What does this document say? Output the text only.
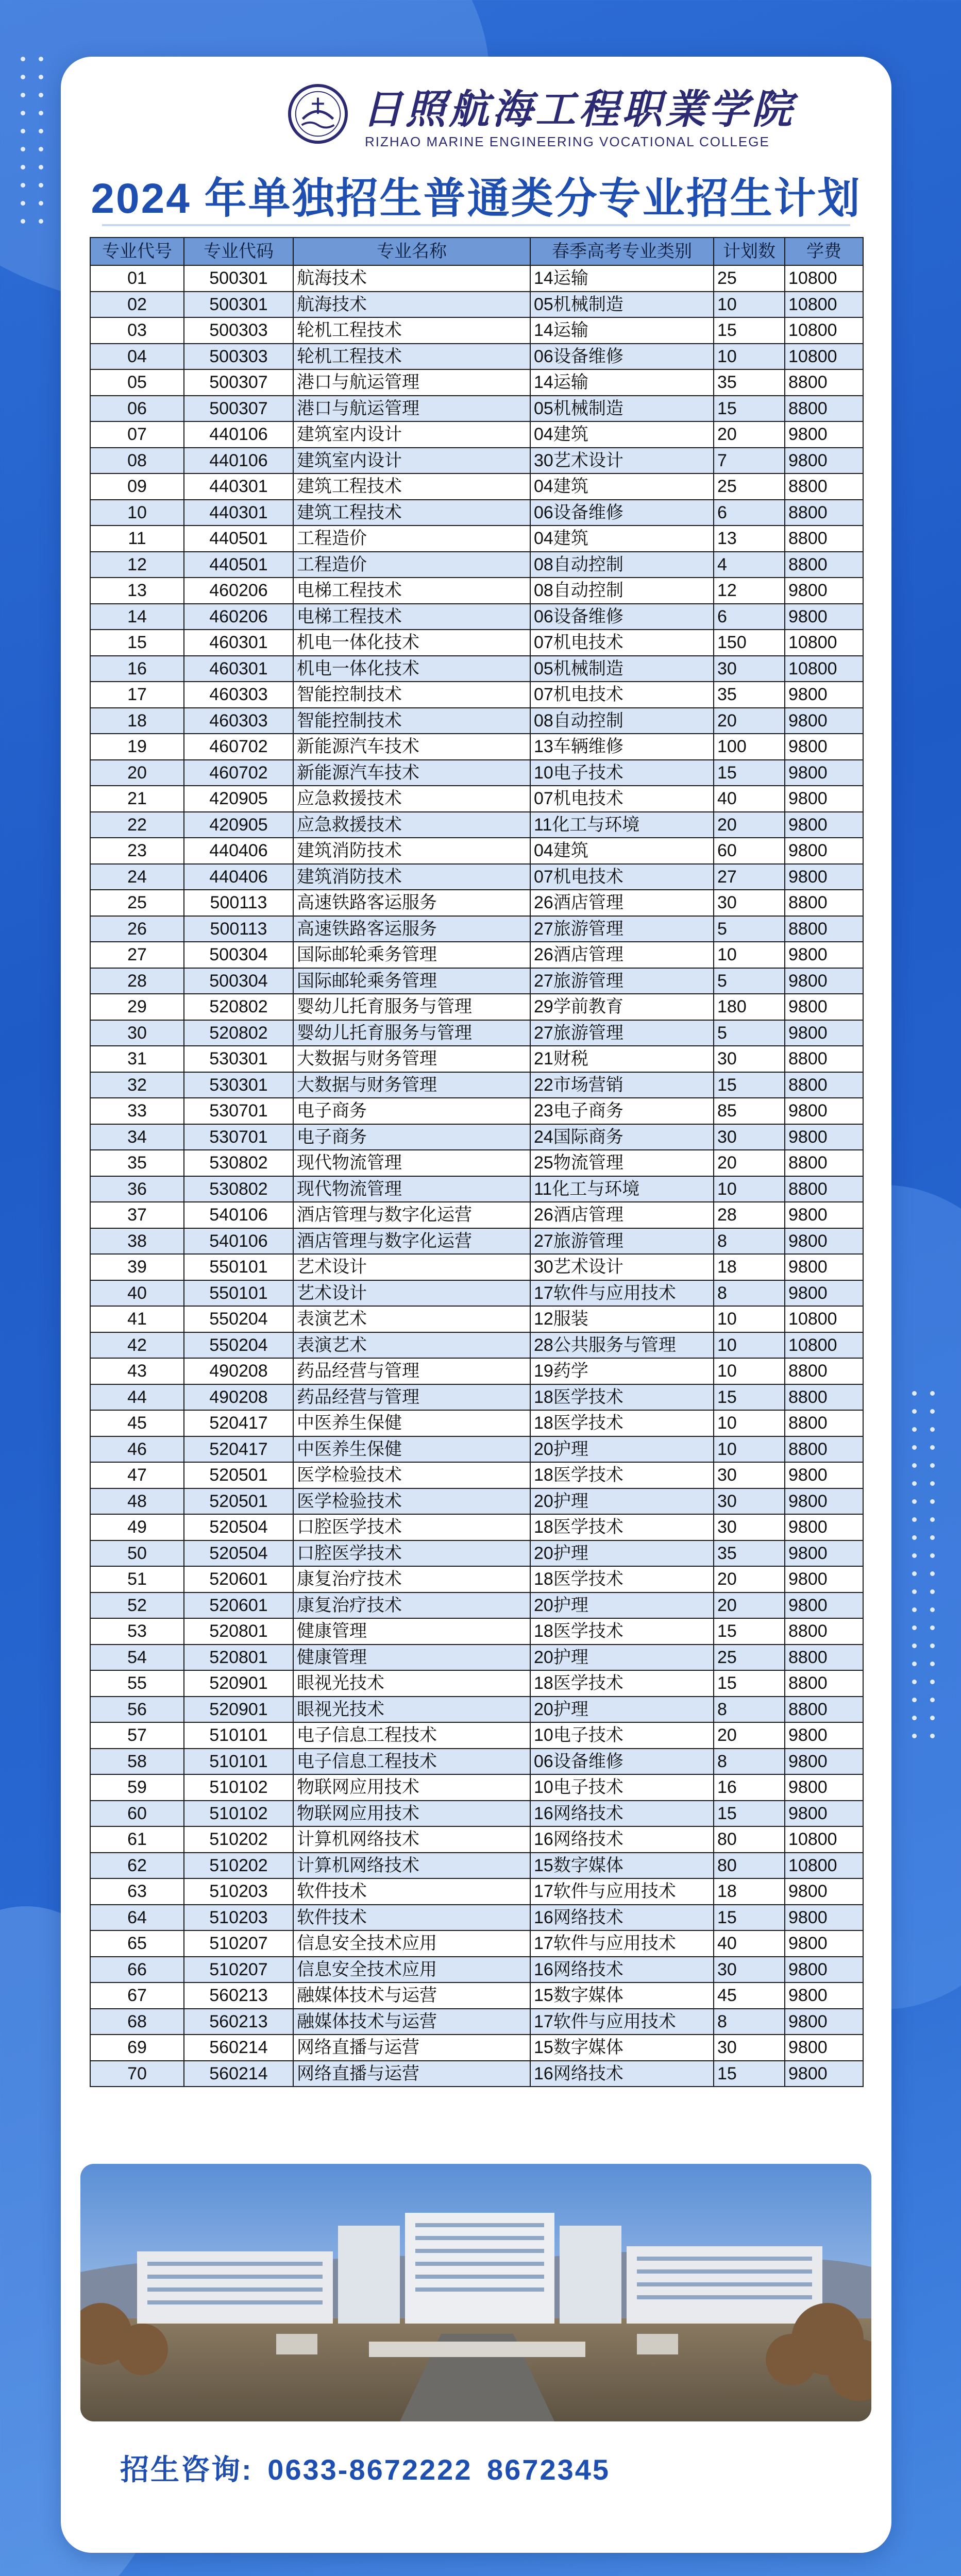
日照航海工程职業学院
RIZHAO MARINE ENGINEERING VOCATIONAL COLLEGE
2024 年单独招生普通类分专业招生计划
专业代号	专业代码	专业名称	春季高考专业类别	计划数	学费
01	500301	航海技术	14运输	25	10800
02	500301	航海技术	05机械制造	10	10800
03	500303	轮机工程技术	14运输	15	10800
04	500303	轮机工程技术	06设备维修	10	10800
05	500307	港口与航运管理	14运输	35	8800
06	500307	港口与航运管理	05机械制造	15	8800
07	440106	建筑室内设计	04建筑	20	9800
08	440106	建筑室内设计	30艺术设计	7	9800
09	440301	建筑工程技术	04建筑	25	8800
10	440301	建筑工程技术	06设备维修	6	8800
11	440501	工程造价	04建筑	13	8800
12	440501	工程造价	08自动控制	4	8800
13	460206	电梯工程技术	08自动控制	12	9800
14	460206	电梯工程技术	06设备维修	6	9800
15	460301	机电一体化技术	07机电技术	150	10800
16	460301	机电一体化技术	05机械制造	30	10800
17	460303	智能控制技术	07机电技术	35	9800
18	460303	智能控制技术	08自动控制	20	9800
19	460702	新能源汽车技术	13车辆维修	100	9800
20	460702	新能源汽车技术	10电子技术	15	9800
21	420905	应急救援技术	07机电技术	40	9800
22	420905	应急救援技术	11化工与环境	20	9800
23	440406	建筑消防技术	04建筑	60	9800
24	440406	建筑消防技术	07机电技术	27	9800
25	500113	高速铁路客运服务	26酒店管理	30	8800
26	500113	高速铁路客运服务	27旅游管理	5	8800
27	500304	国际邮轮乘务管理	26酒店管理	10	9800
28	500304	国际邮轮乘务管理	27旅游管理	5	9800
29	520802	婴幼儿托育服务与管理	29学前教育	180	9800
30	520802	婴幼儿托育服务与管理	27旅游管理	5	9800
31	530301	大数据与财务管理	21财税	30	8800
32	530301	大数据与财务管理	22市场营销	15	8800
33	530701	电子商务	23电子商务	85	9800
34	530701	电子商务	24国际商务	30	9800
35	530802	现代物流管理	25物流管理	20	8800
36	530802	现代物流管理	11化工与环境	10	8800
37	540106	酒店管理与数字化运营	26酒店管理	28	9800
38	540106	酒店管理与数字化运营	27旅游管理	8	9800
39	550101	艺术设计	30艺术设计	18	9800
40	550101	艺术设计	17软件与应用技术	8	9800
41	550204	表演艺术	12服装	10	10800
42	550204	表演艺术	28公共服务与管理	10	10800
43	490208	药品经营与管理	19药学	10	8800
44	490208	药品经营与管理	18医学技术	15	8800
45	520417	中医养生保健	18医学技术	10	8800
46	520417	中医养生保健	20护理	10	8800
47	520501	医学检验技术	18医学技术	30	9800
48	520501	医学检验技术	20护理	30	9800
49	520504	口腔医学技术	18医学技术	30	9800
50	520504	口腔医学技术	20护理	35	9800
51	520601	康复治疗技术	18医学技术	20	9800
52	520601	康复治疗技术	20护理	20	9800
53	520801	健康管理	18医学技术	15	8800
54	520801	健康管理	20护理	25	8800
55	520901	眼视光技术	18医学技术	15	8800
56	520901	眼视光技术	20护理	8	8800
57	510101	电子信息工程技术	10电子技术	20	9800
58	510101	电子信息工程技术	06设备维修	8	9800
59	510102	物联网应用技术	10电子技术	16	9800
60	510102	物联网应用技术	16网络技术	15	9800
61	510202	计算机网络技术	16网络技术	80	10800
62	510202	计算机网络技术	15数字媒体	80	10800
63	510203	软件技术	17软件与应用技术	18	9800
64	510203	软件技术	16网络技术	15	9800
65	510207	信息安全技术应用	17软件与应用技术	40	9800
66	510207	信息安全技术应用	16网络技术	30	9800
67	560213	融媒体技术与运营	15数字媒体	45	9800
68	560213	融媒体技术与运营	17软件与应用技术	8	9800
69	560214	网络直播与运营	15数字媒体	30	9800
70	560214	网络直播与运营	16网络技术	15	9800
招生咨询: 0633-8672222 8672345
